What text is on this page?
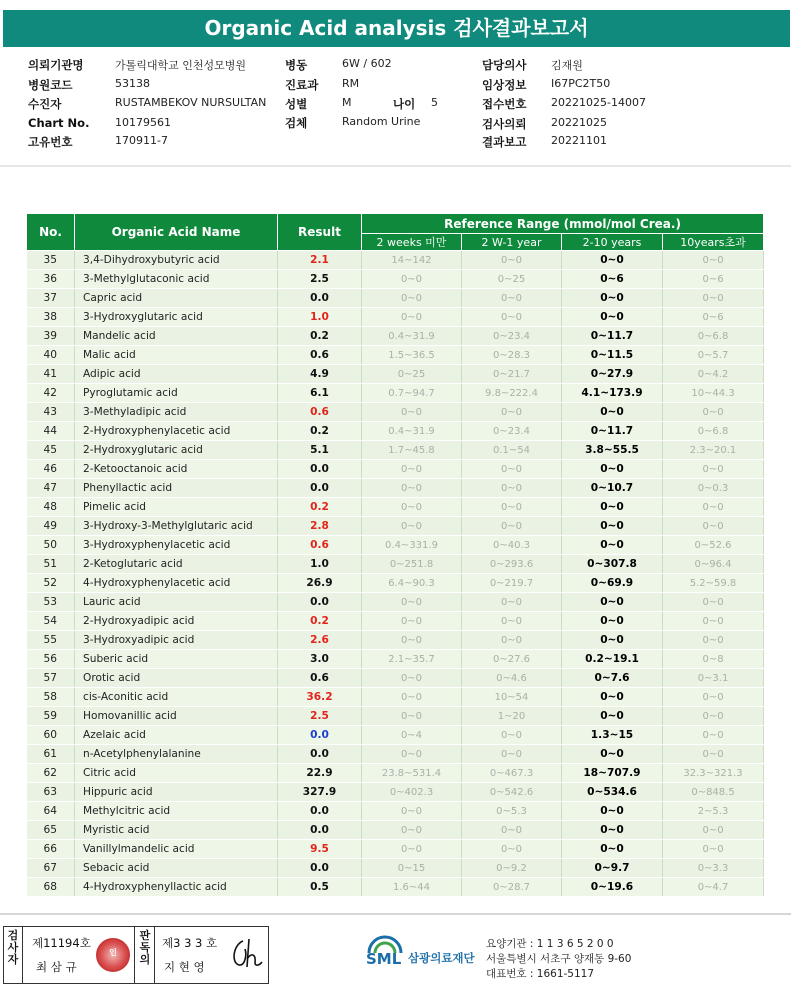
Organic Acid analysis 검사결과보고서
의뢰기관명	가톨릭대학교 인천성모병원
병원코드	53138
수진자	RUSTAMBEKOV NURSULTAN
Chart No. 10179561
고유번호	170911-7
병동	6W / 602
진료과 RM
성별	M	나이 5
검체	Random Urine
담당의사 김재원
임상정보 I67PC2T50
접수번호 20221025-14007
검사의뢰 20221025
결과보고 20221101
No.	Organic Acid Name	Result	Reference Range (mmol/mol Crea.)			
			2 weeks 미만	2 W-1 year	2-10 years	10years초과
35	3,4-Dihydroxybutyric acid	2.1	14~142	0~0	0~0	0~0
36	3-Methylglutaconic acid	2.5	0~0	0~25	0~6	0~6
37	Capric acid	0.0	0~0	0~0	0~0	0~0
38	3-Hydroxyglutaric acid	1.0	0~0	0~0	0~0	0~6
39	Mandelic acid	0.2	0.4~31.9	0~23.4	0~11.7	0~6.8
40	Malic acid	0.6	1.5~36.5	0~28.3	0~11.5	0~5.7
41	Adipic acid	4.9	0~25	0~21.7	0~27.9	0~4.2
42	Pyroglutamic acid	6.1	0.7~94.7	9.8~222.4	4.1~173.9	10~44.3
43	3-Methyladipic acid	0.6	0~0	0~0	0~0	0~0
44	2-Hydroxyphenylacetic acid	0.2	0.4~31.9	0~23.4	0~11.7	0~6.8
45	2-Hydroxyglutaric acid	5.1	1.7~45.8	0.1~54	3.8~55.5	2.3~20.1
46	2-Ketooctanoic acid	0.0	0~0	0~0	0~0	0~0
47	Phenyllactic acid	0.0	0~0	0~0	0~10.7	0~0.3
48	Pimelic acid	0.2	0~0	0~0	0~0	0~0
49	3-Hydroxy-3-Methylglutaric acid	2.8	0~0	0~0	0~0	0~0
50	3-Hydroxyphenylacetic acid	0.6	0.4~331.9	0~40.3	0~0	0~52.6
51	2-Ketoglutaric acid	1.0	0~251.8	0~293.6	0~307.8	0~96.4
52	4-Hydroxyphenylacetic acid	26.9	6.4~90.3	0~219.7	0~69.9	5.2~59.8
53	Lauric acid	0.0	0~0	0~0	0~0	0~0
54	2-Hydroxyadipic acid	0.2	0~0	0~0	0~0	0~0
55	3-Hydroxyadipic acid	2.6	0~0	0~0	0~0	0~0
56	Suberic acid	3.0	2.1~35.7	0~27.6	0.2~19.1	0~8
57	Orotic acid	0.6	0~0	0~4.6	0~7.6	0~3.1
58	cis-Aconitic acid	36.2	0~0	10~54	0~0	0~0
59	Homovanillic acid	2.5	0~0	1~20	0~0	0~0
60	Azelaic acid	0.0	0~4	0~0	1.3~15	0~0
61	n-Acetylphenylalanine	0.0	0~0	0~0	0~0	0~0
62	Citric acid	22.9	23.8~531.4	0~467.3	18~707.9	32.3~321.3
63	Hippuric acid	327.9	0~402.3	0~542.6	0~534.6	0~848.5
64	Methylcitric acid	0.0	0~0	0~5.3	0~0	2~5.3
65	Myristic acid	0.0	0~0	0~0	0~0	0~0
66	Vanillylmandelic acid	9.5	0~0	0~0	0~0	0~0
67	Sebacic acid	0.0	0~15	0~9.2	0~9.7	0~3.3
68	4-Hydroxyphenyllactic acid	0.5	1.6~44	0~28.7	0~19.6	0~4.7
검사자
제11194호
최 삼 규
인
판독의
제3 3 3 호
지 현 영	SML 삼광의료재단
요양기관 : 1 1 3 6 5 2 0 0
서울특별시 서초구 양재동 9-60
대표번호 : 1661-5117
